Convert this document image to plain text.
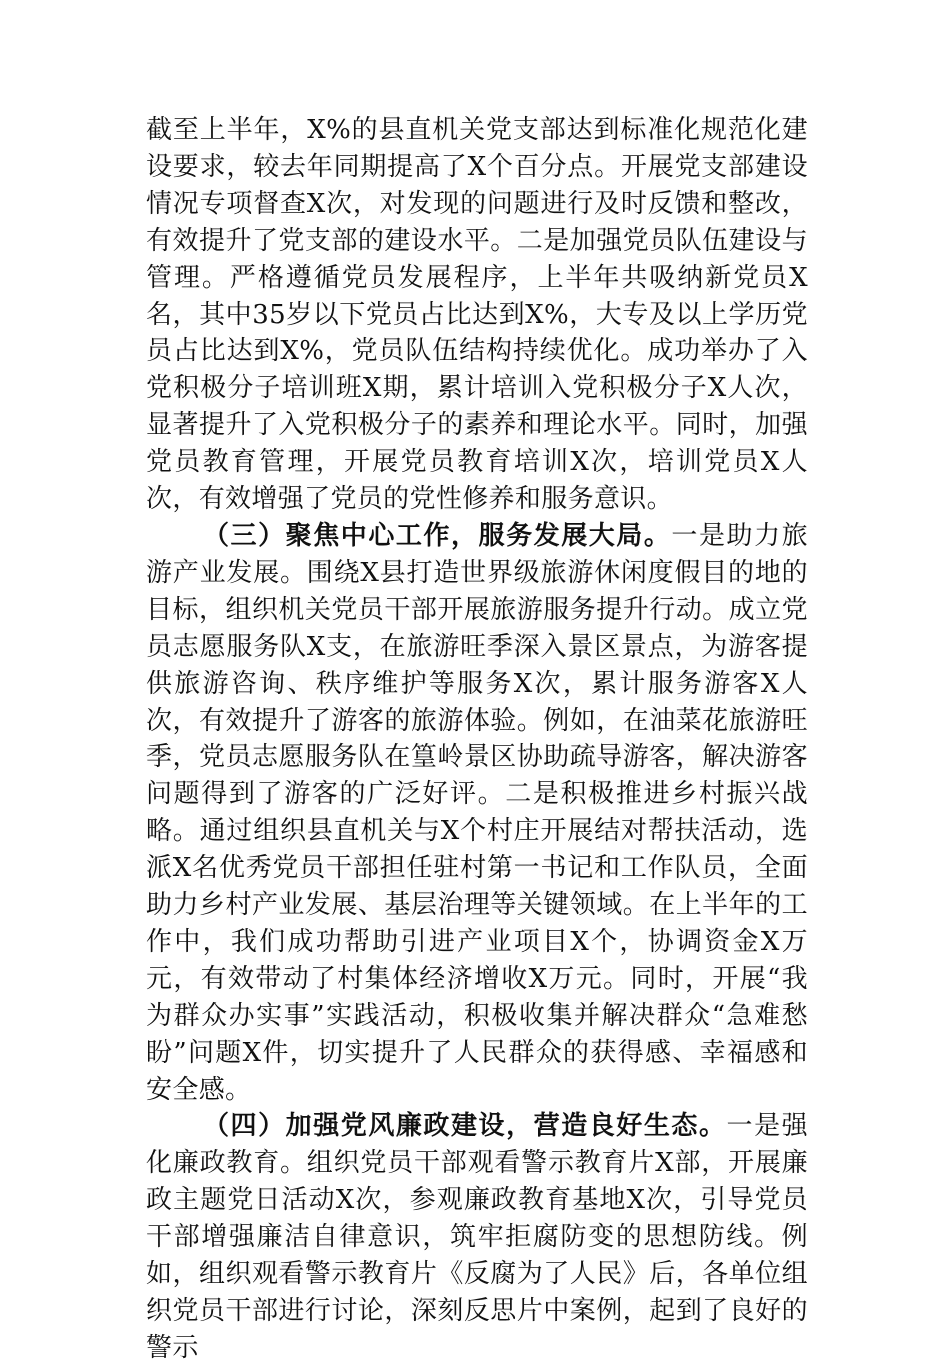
截至上半年，X%的县直机关党支部达到标准化规范化建设要求，较去年同期提高了X个百分点。开展党支部建设情况专项督查X次，对发现的问题进行及时反馈和整改，有效提升了党支部的建设水平。二是加强党员队伍建设与管理。严格遵循党员发展程序，上半年共吸纳新党员X名，其中35岁以下党员占比达到X%，大专及以上学历党员占比达到X%，党员队伍结构持续优化。成功举办了入党积极分子培训班X期，累计培训入党积极分子X人次，显著提升了入党积极分子的素养和理论水平。同时，加强党员教育管理，开展党员教育培训X次，培训党员X人次，有效增强了党员的党性修养和服务意识。

（三）聚焦中心工作，服务发展大局。一是助力旅游产业发展。围绕X县打造世界级旅游休闲度假目的地的目标，组织机关党员干部开展旅游服务提升行动。成立党员志愿服务队X支，在旅游旺季深入景区景点，为游客提供旅游咨询、秩序维护等服务X次，累计服务游客X人次，有效提升了游客的旅游体验。例如，在油菜花旅游旺季，党员志愿服务队在篁岭景区协助疏导游客，解决游客问题得到了游客的广泛好评。二是积极推进乡村振兴战略。通过组织县直机关与X个村庄开展结对帮扶活动，选派X名优秀党员干部担任驻村第一书记和工作队员，全面助力乡村产业发展、基层治理等关键领域。在上半年的工作中，我们成功帮助引进产业项目X个，协调资金X万元，有效带动了村集体经济增收X万元。同时，开展“我为群众办实事”实践活动，积极收集并解决群众“急难愁盼”问题X件，切实提升了人民群众的获得感、幸福感和安全感。

（四）加强党风廉政建设，营造良好生态。一是强化廉政教育。组织党员干部观看警示教育片X部，开展廉政主题党日活动X次，参观廉政教育基地X次，引导党员干部增强廉洁自律意识，筑牢拒腐防变的思想防线。例如，组织观看警示教育片《反腐为了人民》后，各单位组织党员干部进行讨论，深刻反思片中案例，起到了良好的警示
